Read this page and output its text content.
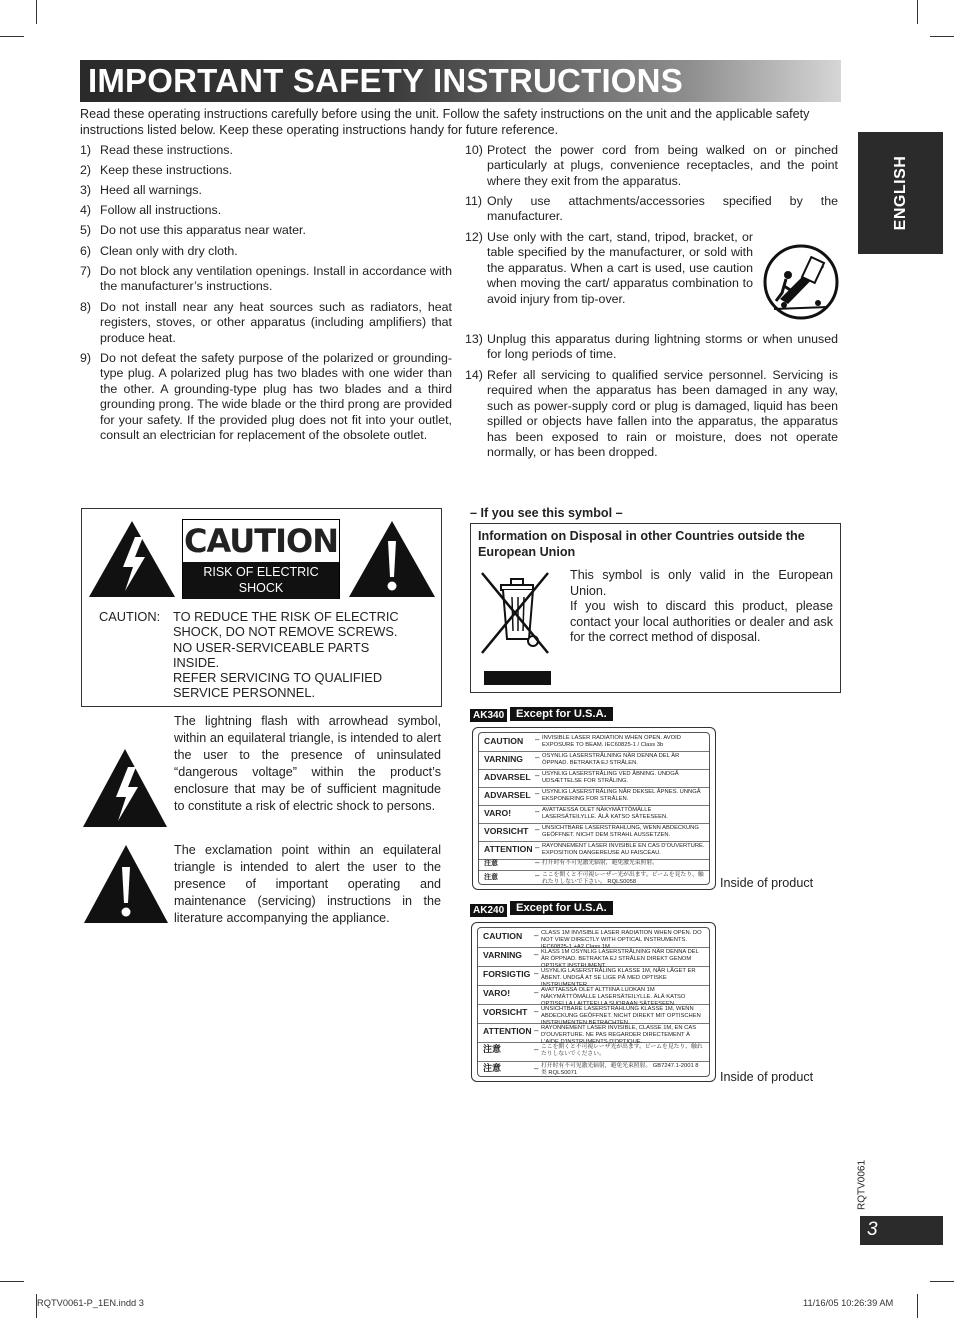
IMPORTANT SAFETY INSTRUCTIONS
Read these operating instructions carefully before using the unit. Follow the safety instructions on the unit and the applicable safety instructions listed below. Keep these operating instructions handy for future reference.
ENGLISH
1) Read these instructions.
2) Keep these instructions.
3) Heed all warnings.
4) Follow all instructions.
5) Do not use this apparatus near water.
6) Clean only with dry cloth.
7) Do not block any ventilation openings. Install in accordance with the manufacturer’s instructions.
8) Do not install near any heat sources such as radiators, heat registers, stoves, or other apparatus (including amplifiers) that produce heat.
9) Do not defeat the safety purpose of the polarized or grounding-type plug. A polarized plug has two blades with one wider than the other. A grounding-type plug has two blades and a third grounding prong. The wide blade or the third prong are provided for your safety. If the provided plug does not fit into your outlet, consult an electrician for replacement of the obsolete outlet.
10) Protect the power cord from being walked on or pinched particularly at plugs, convenience receptacles, and the point where they exit from the apparatus.
11) Only use attachments/accessories specified by the manufacturer.
12) Use only with the cart, stand, tripod, bracket, or table specified by the manufacturer, or sold with the apparatus. When a cart is used, use caution when moving the cart/ apparatus combination to avoid injury from tip-over.
13) Unplug this apparatus during lightning storms or when unused for long periods of time.
14) Refer all servicing to qualified service personnel. Servicing is required when the apparatus has been damaged in any way, such as power-supply cord or plug is damaged, liquid has been spilled or objects have fallen into the apparatus, the apparatus has been exposed to rain or moisture, does not operate normally, or has been dropped.
CAUTION
RISK OF ELECTRIC SHOCK
DO NOT OPEN
CAUTION: TO REDUCE THE RISK OF ELECTRIC
SHOCK, DO NOT REMOVE SCREWS.
NO USER-SERVICEABLE PARTS
INSIDE.
REFER SERVICING TO QUALIFIED
SERVICE PERSONNEL.
The lightning flash with arrowhead symbol, within an equilateral triangle, is intended to alert the user to the presence of uninsulated “dangerous voltage” within the product’s enclosure that may be of sufficient magnitude to constitute a risk of electric shock to persons.
The exclamation point within an equilateral triangle is intended to alert the user to the presence of important operating and maintenance (servicing) instructions in the literature accompanying the appliance.
– If you see this symbol –
Information on Disposal in other Countries outside the European Union
This symbol is only valid in the European Union.
If you wish to discard this product, please contact your local authorities or dealer and ask for the correct method of disposal.
AK340	Except for U.S.A.
CAUTION – INVISIBLE LASER RADIATION WHEN OPEN. AVOID EXPOSURE TO BEAM. IEC60825-1 / Class 3b
VARNING – OSYNLIG LASERSTRÅLNING NÄR DENNA DEL ÄR ÖPPNAD. BETRAKTA EJ STRÅLEN.
ADVARSEL – USYNLIG LASERSTRÅLING VED ÅBNING. UNDGÅ UDSÆTTELSE FOR STRÅLING.
ADVARSEL – USYNLIG LASERSTRÅLING NÅR DEKSEL ÅPNES. UNNGÅ EKSPONERING FOR STRÅLEN.
VARO!	– AVATTAESSA OLET NÄKYMÄTTÖMÄLLE LASERSÄTEILYLLE. ÄLÄ KATSO SÄTEESEEN.
VORSICHT – UNSICHTBARE LASERSTRAHLUNG, WENN ABDECKUNG GEÖFFNET. NICHT DEM STRAHL AUSSETZEN.
ATTENTION – RAYONNEMENT LASER INVISIBLE EN CAS D'OUVERTURE. EXPOSITION DANGEREUSE AU FAISCEAU.
注意	– 打开时有不可见激光辐射，避免激光束照射。
注意	– ここを開くと不可視レーザー光が出ます。ビームを見たり、触れたりしないで下さい。 RQLS0058	Inside of product
AK240	Except for U.S.A.
CAUTION – CLASS 1M INVISIBLE LASER RADIATION WHEN OPEN. DO NOT VIEW DIRECTLY WITH OPTICAL INSTRUMENTS. IEC60825-1 +A2 Class 1M
VARNING – KLASS 1M OSYNLIG LASERSTRÅLNING NÄR DENNA DEL ÄR ÖPPNAD. BETRAKTA EJ STRÅLEN DIREKT GENOM OPTISKT INSTRUMENT.
FORSIGTIG – USYNLIG LASERSTRÅLING KLASSE 1M, NÅR LÅGET ER ÅBENT. UNDGÅ AT SE LIGE PÅ MED OPTISKE INSTRUMENTER.
VARO!	– AVATTAESSA OLET ALTTIINA LUOKAN 1M NÄKYMÄTTÖMÄLLE LASERSÄTEILYLLE. ÄLÄ KATSO OPTISELLA LAITTEELLA SUORAAN SÄTEESEEN.
VORSICHT – UNSICHTBARE LASERSTRAHLUNG KLASSE 1M, WENN ABDECKUNG GEÖFFNET. NICHT DIREKT MIT OPTISCHEN INSTRUMENTEN BETRACHTEN.
ATTENTION – RAYONNEMENT LASER INVISIBLE, CLASSE 1M, EN CAS D'OUVERTURE. NE PAS REGARDER DIRECTEMENT À L'AIDE D'INSTRUMENTS D'OPTIQUE.
注意	– ここを開くと不可視レーザ光が出ます。ビームを見たり、触れたりしないでください。
注意	– 打开时有不可见激光辐射，避免光束照射。 GB7247.1-2001 8 类 RQLS0071	Inside of product
RQTV0061
3
RQTV0061-P_1EN.indd 3	11/16/05 10:26:39 AM
